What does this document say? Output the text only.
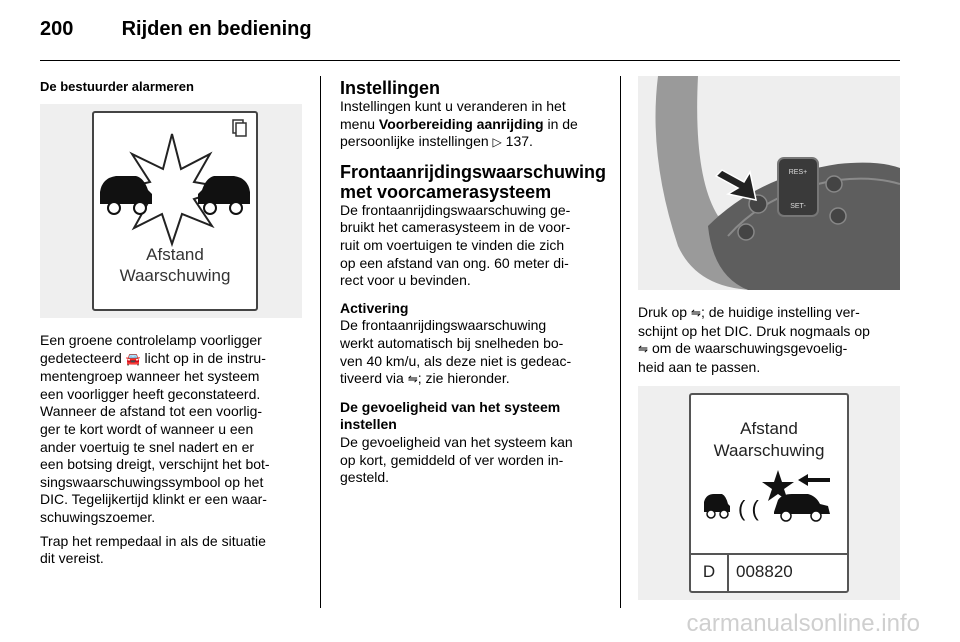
200 Rijden en bediening

De bestuurder alarmeren

Afstand
Waarschuwing

Een groene controlelamp voorligger

gedetecteerd 🚘 licht op in de instru-

mentengroep wanneer het systeem

een voorligger heeft geconstateerd.

Wanneer de afstand tot een voorlig-

ger te kort wordt of wanneer u een

ander voertuig te snel nadert en er

een botsing dreigt, verschijnt het bot-

singswaarschuwingssymbool op het

DIC. Tegelijkertijd klinkt er een waar-

schuwingszoemer.

Trap het rempedaal in als de situatie

dit vereist.

Instellingen

Instellingen kunt u veranderen in het

menu Voorbereiding aanrijding in de

persoonlijke instellingen ▷ 137.

Frontaanrijdingswaarschuwing
met voorcamerasysteem

De frontaanrijdingswaarschuwing ge-

bruikt het camerasysteem in de voor-

ruit om voertuigen te vinden die zich

op een afstand van ong. 60 meter di-

rect voor u bevinden.

Activering

De frontaanrijdingswaarschuwing

werkt automatisch bij snelheden bo-

ven 40 km/u, als deze niet is gedeac-

tiveerd via ⇋; zie hieronder.

De gevoeligheid van het systeem

instellen

De gevoeligheid van het systeem kan

op kort, gemiddeld of ver worden in-

gesteld.

RES+
SET-

Druk op ⇋; de huidige instelling ver-

schijnt op het DIC. Druk nogmaals op

⇋ om de waarschuwingsgevoelig-

heid aan te passen.

( (
Afstand
Waarschuwing
D	008820
carmanualsonline.info
